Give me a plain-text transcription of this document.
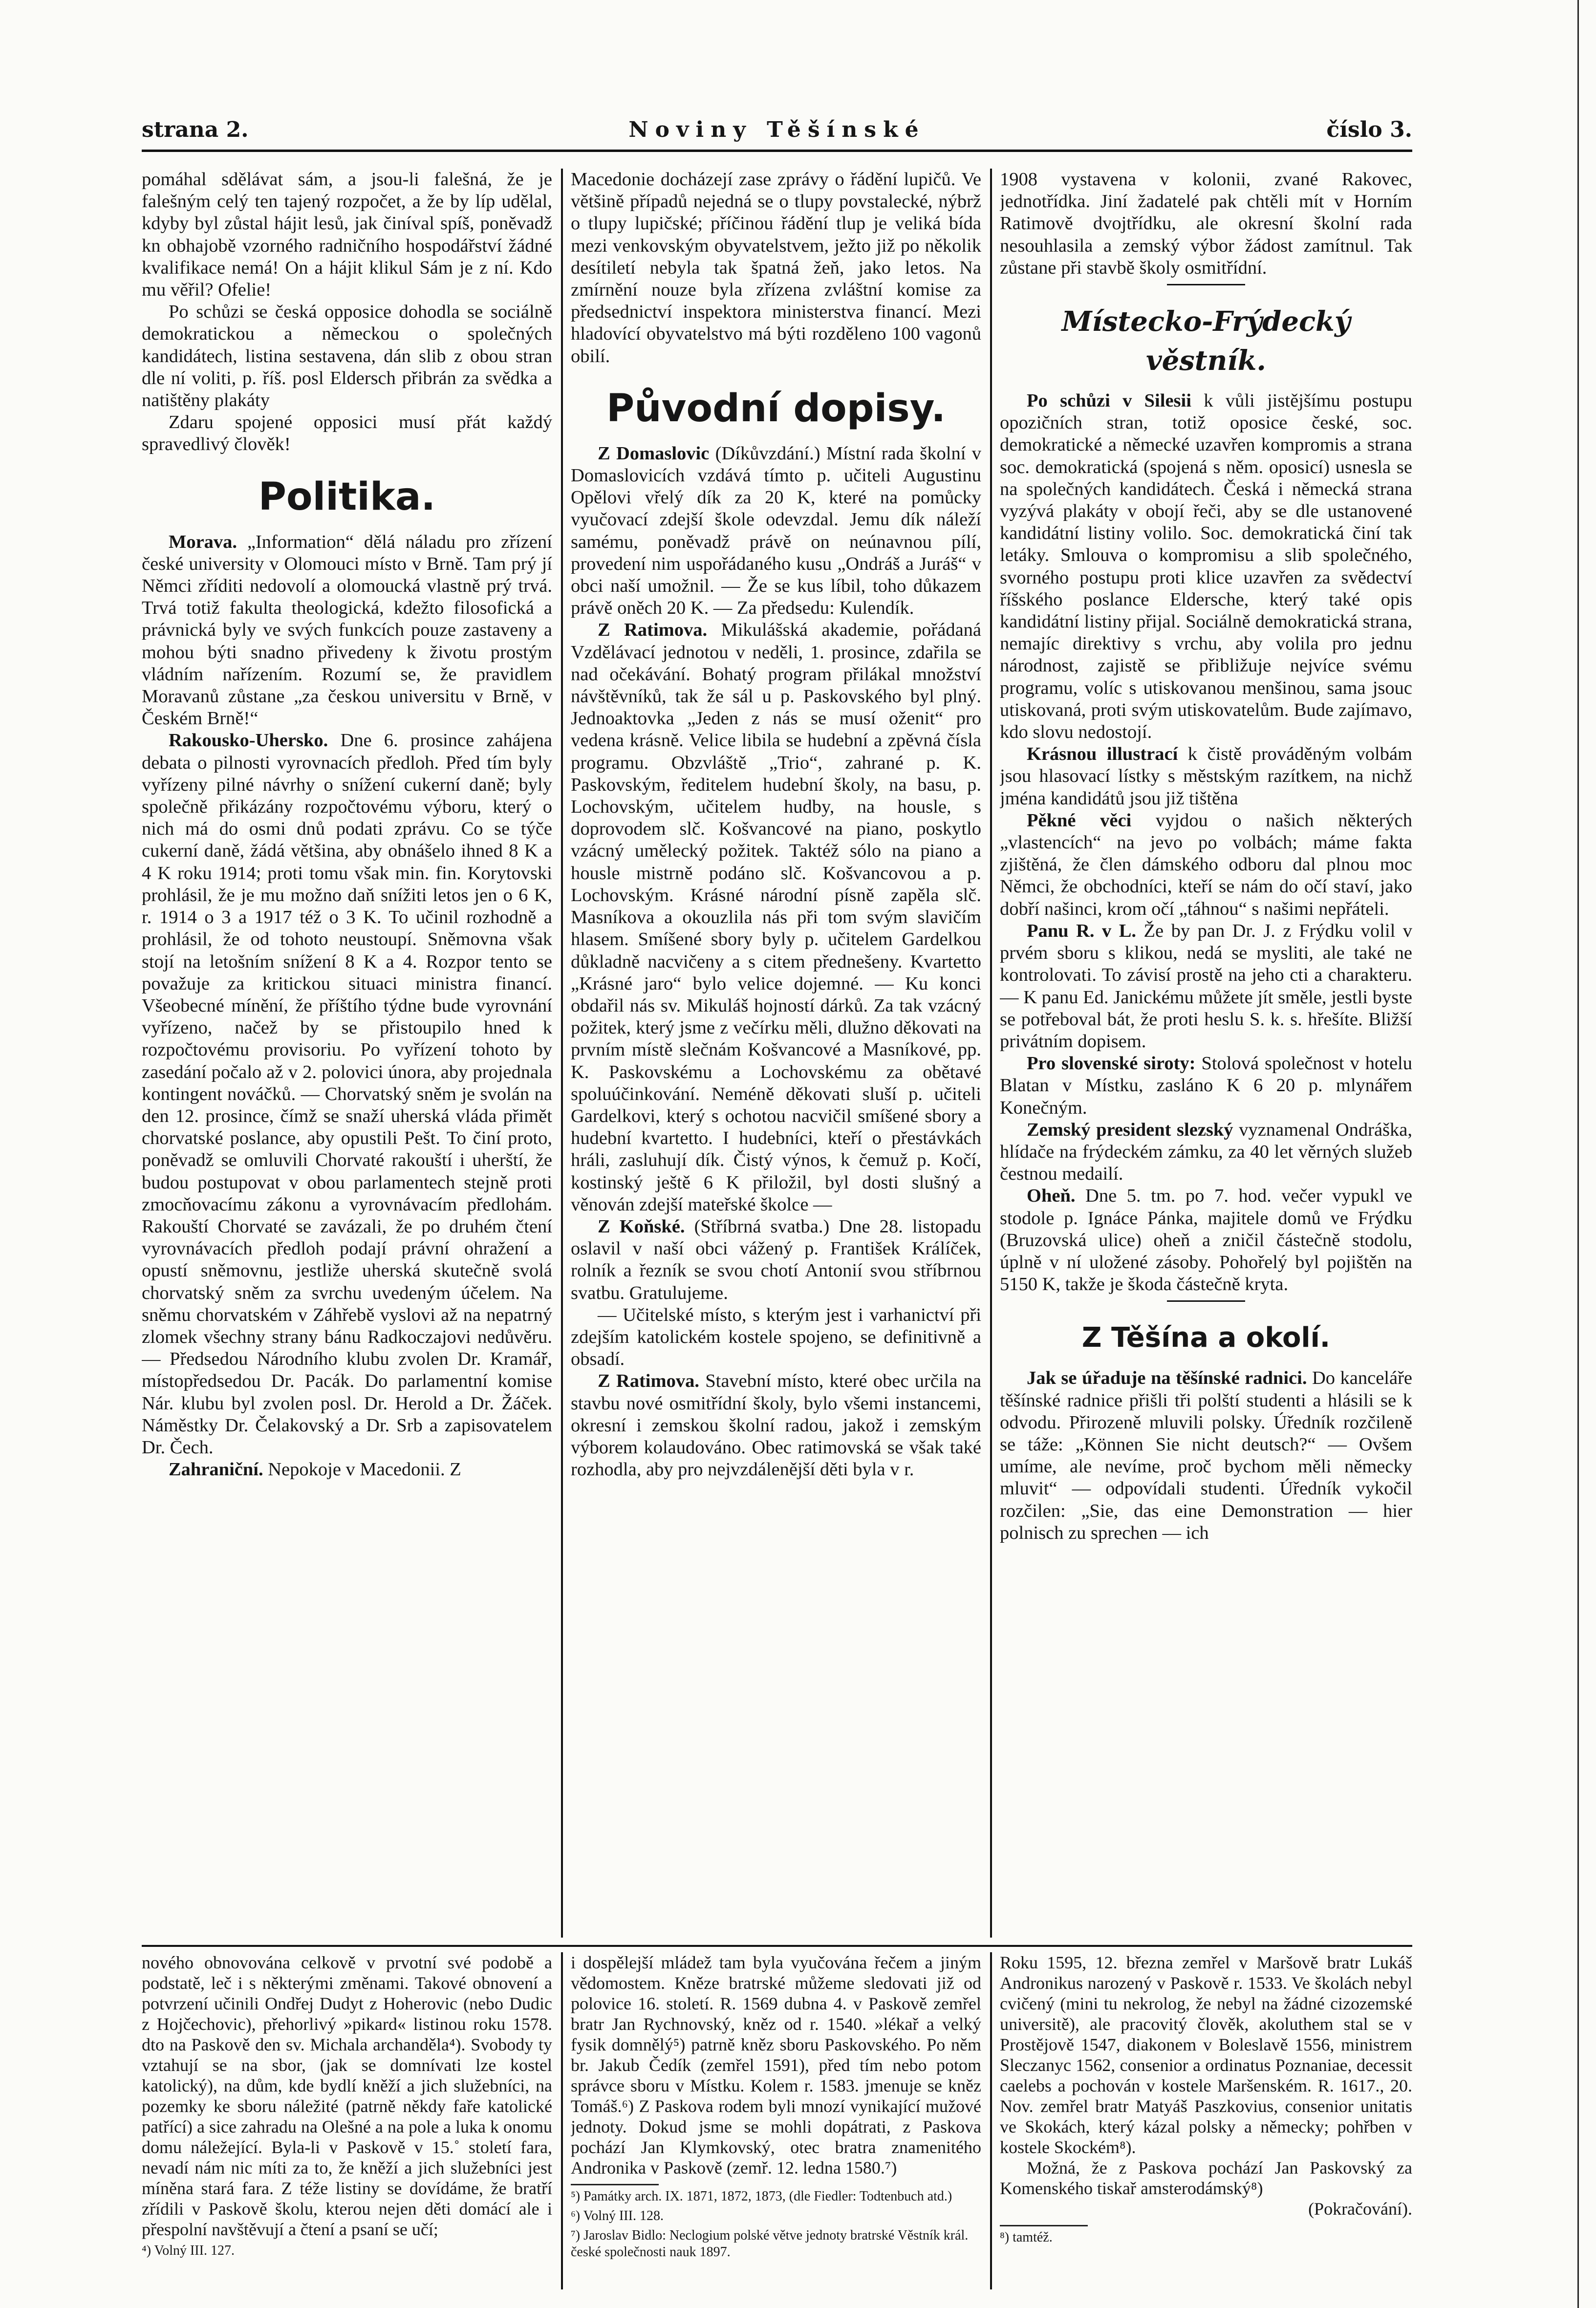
strana 2.	Noviny Těšínské	číslo 3.

pomáhal sdělávat sám, a jsou-li falešná, že je falešným celý ten tajený rozpočet, a že by líp udělal, kdyby byl zůstal hájit lesů, jak činíval spíš, poněvadž kn obhajobě vzorného radničního hospodářství žádné kvalifikace nemá! On a hájit klikul Sám je z ní. Kdo mu věřil? Ofelie!

Po schůzi se česká opposice dohodla se sociálně demokratickou a německou o společných kandidátech, listina sestavena, dán slib z obou stran dle ní voliti, p. říš. posl Eldersch přibrán za svědka a natištěny plakáty

Zdaru spojené opposici musí přát každý spravedlivý člověk!

Politika.

Morava. „Information“ dělá náladu pro zřízení české university v Olomouci místo v Brně. Tam prý jí Němci zříditi nedovolí a olomoucká vlastně prý trvá. Trvá totiž fakulta theologická, kdežto filosofická a právnická byly ve svých funkcích pouze zastaveny a mohou býti snadno přivedeny k životu prostým vládním nařízením. Rozumí se, že pravidlem Moravanů zůstane „za českou universitu v Brně, v Českém Brně!“

Rakousko-Uhersko. Dne 6. prosince zahájena debata o pilnosti vyrovnacích předloh. Před tím byly vyřízeny pilné návrhy o snížení cukerní daně; byly společně přikázány rozpočtovému výboru, který o nich má do osmi dnů podati zprávu. Co se týče cukerní daně, žádá většina, aby obnášelo ihned 8 K a 4 K roku 1914; proti tomu však min. fin. Korytovski prohlásil, že je mu možno daň snížiti letos jen o 6 K, r. 1914 o 3 a 1917 též o 3 K. To učinil rozhodně a prohlásil, že od tohoto neustoupí. Sněmovna však stojí na letošním snížení 8 K a 4. Rozpor tento se považuje za kritickou situaci ministra financí. Všeobecné mínění, že příštího týdne bude vyrovnání vyřízeno, načež by se přistoupilo hned k rozpočtovému provisoriu. Po vyřízení tohoto by zasedání počalo až v 2. polovici února, aby projednala kontingent nováčků. — Chorvatský sněm je svolán na den 12. prosince, čímž se snaží uherská vláda přimět chorvatské poslance, aby opustili Pešt. To činí proto, poněvadž se omluvili Chorvaté rakouští i uherští, že budou postupovat v obou parlamentech stejně proti zmocňovacímu zákonu a vyrovnávacím předlohám. Rakouští Chorvaté se zavázali, že po druhém čtení vyrovnávacích předloh podají právní ohražení a opustí sněmovnu, jestliže uherská skutečně svolá chorvatský sněm za svrchu uvedeným účelem. Na sněmu chorvatském v Záhřebě vyslovi až na nepatrný zlomek všechny strany bánu Radkoczajovi nedůvěru. — Předsedou Národního klubu zvolen Dr. Kramář, místopředsedou Dr. Pacák. Do parlamentní komise Nár. klubu byl zvolen posl. Dr. Herold a Dr. Žáček. Náměstky Dr. Čelakovský a Dr. Srb a zapisovatelem Dr. Čech.

Zahraniční. Nepokoje v Macedonii. Z

Macedonie docházejí zase zprávy o řádění lupičů. Ve většině případů nejedná se o tlupy povstalecké, nýbrž o tlupy lupičské; příčinou řádění tlup je veliká bída mezi venkovským obyvatelstvem, ježto již po několik desítiletí nebyla tak špatná žeň, jako letos. Na zmírnění nouze byla zřízena zvláštní komise za předsednictví inspektora ministerstva financí. Mezi hladovící obyvatelstvo má býti rozděleno 100 vagonů obilí.

Původní dopisy.

Z Domaslovic (Díkůvzdání.) Místní rada školní v Domaslovicích vzdává tímto p. učiteli Augustinu Opělovi vřelý dík za 20 K, které na pomůcky vyučovací zdejší škole odevzdal. Jemu dík náleží samému, poněvadž právě on neúnavnou pílí, provedení nim uspořádaného kusu „Ondráš a Juráš“ v obci naší umožnil. — Že se kus líbil, toho důkazem právě oněch 20 K. — Za předsedu: Kulendík.

Z Ratimova. Mikulášská akademie, pořádaná Vzdělávací jednotou v neděli, 1. prosince, zdařila se nad očekávání. Bohatý program přilákal množství návštěvníků, tak že sál u p. Paskovského byl plný. Jednoaktovka „Jeden z nás se musí oženit“ pro vedena krásně. Velice libila se hudební a zpěvná čísla programu. Obzvláště „Trio“, zahrané p. K. Paskovským, ředitelem hudební školy, na basu, p. Lochovským, učitelem hudby, na housle, s doprovodem slč. Košvancové na piano, poskytlo vzácný umělecký požitek. Taktéž sólo na piano a housle mistrně podáno slč. Košvancovou a p. Lochovským. Krásné národní písně zapěla slč. Masníkova a okouzlila nás při tom svým slavičím hlasem. Smíšené sbory byly p. učitelem Gardelkou důkladně nacvičeny a s citem přednešeny. Kvartetto „Krásné jaro“ bylo velice dojemné. — Ku konci obdařil nás sv. Mikuláš hojností dárků. Za tak vzácný požitek, který jsme z večírku měli, dlužno děkovati na prvním místě slečnám Košvancové a Masníkové, pp. K. Paskovskému a Lochovskému za obětavé spoluúčinkování. Neméně děkovati sluší p. učiteli Gardelkovi, který s ochotou nacvičil smíšené sbory a hudební kvartetto. I hudebníci, kteří o přestávkách hráli, zasluhují dík. Čistý výnos, k čemuž p. Kočí, kostinský ještě 6 K přiložil, byl dosti slušný a věnován zdejší mateřské školce —

Z Koňské. (Stříbrná svatba.) Dne 28. listopadu oslavil v naší obci vážený p. František Králíček, rolník a řezník se svou chotí Antonií svou stříbrnou svatbu. Gratulujeme.

— Učitelské místo, s kterým jest i varhanictví při zdejším katolickém kostele spojeno, se definitivně a obsadí.

Z Ratimova. Stavební místo, které obec určila na stavbu nové osmitřídní školy, bylo všemi instancemi, okresní i zemskou školní radou, jakož i zemským výborem kolaudováno. Obec ratimovská se však také rozhodla, aby pro nejvzdálenější děti byla v r.

1908 vystavena v kolonii, zvané Rakovec, jednotřídka. Jiní žadatelé pak chtěli mít v Horním Ratimově dvojtřídku, ale okresní školní rada nesouhlasila a zemský výbor žádost zamítnul. Tak zůstane při stavbě školy osmitřídní.

Místecko-Frýdecký věstník.

Po schůzi v Silesii k vůli jistějšímu postupu opozičních stran, totiž oposice české, soc. demokratické a německé uzavřen kompromis a strana soc. demokratická (spojená s něm. oposicí) usnesla se na společných kandidátech. Česká i německá strana vyzývá plakáty v obojí řeči, aby se dle ustanovené kandidátní listiny volilo. Soc. demokratická činí tak letáky. Smlouva o kompromisu a slib společného, svorného postupu proti klice uzavřen za svědectví říšského poslance Eldersche, který také opis kandidátní listiny přijal. Sociálně demokratická strana, nemajíc direktivy s vrchu, aby volila pro jednu národnost, zajistě se přibližuje nejvíce svému programu, volíc s utiskovanou menšinou, sama jsouc utiskovaná, proti svým utiskovatelům. Bude zajímavo, kdo slovu nedostojí.

Krásnou illustrací k čistě prováděným volbám jsou hlasovací lístky s městským razítkem, na nichž jména kandidátů jsou již tištěna

Pěkné věci vyjdou o našich některých „vlastencích“ na jevo po volbách; máme fakta zjištěná, že člen dámského odboru dal plnou moc Němci, že obchodníci, kteří se nám do očí staví, jako dobří našinci, krom očí „táhnou“ s našimi nepřáteli.

Panu R. v L. Že by pan Dr. J. z Frýdku volil v prvém sboru s klikou, nedá se mysliti, ale také ne kontrolovati. To závisí prostě na jeho cti a charakteru. — K panu Ed. Janickému můžete jít směle, jestli byste se potřeboval bát, že proti heslu S. k. s. hřešíte. Bližší privátním dopisem.

Pro slovenské siroty: Stolová společnost v hotelu Blatan v Místku, zasláno K 6 20 p. mlynářem Konečným.

Zemský president slezský vyznamenal Ondráška, hlídače na frýdeckém zámku, za 40 let věrných služeb čestnou medailí.

Oheň. Dne 5. tm. po 7. hod. večer vypukl ve stodole p. Ignáce Pánka, majitele domů ve Frýdku (Bruzovská ulice) oheň a zničil částečně stodolu, úplně v ní uložené zásoby. Pohořelý byl pojištěn na 5150 K, takže je škoda částečně kryta.

Z Těšína a okolí.

Jak se úřaduje na těšínské radnici. Do kanceláře těšínské radnice přišli tři polští studenti a hlásili se k odvodu. Přirozeně mluvili polsky. Úředník rozčileně se táže: „Können Sie nicht deutsch?“ — Ovšem umíme, ale nevíme, proč bychom měli německy mluvit“ — odpovídali studenti. Úředník vykočil rozčilen: „Sie, das eine Demonstration — hier polnisch zu sprechen — ich

nového obnovována celkově v prvotní své podobě a podstatě, leč i s některými změnami. Takové obnovení a potvrzení učinili Ondřej Dudyt z Hoherovic (nebo Dudic z Hojčechovic), přehorlivý »pikard« listinou roku 1578. dto na Paskově den sv. Michala archanděla⁴). Svobody ty vztahují se na sbor, (jak se domnívati lze kostel katolický), na dům, kde bydlí kněží a jich služebníci, na pozemky ke sboru náležité (patrně někdy faře katolické patřící) a sice zahradu na Olešné a na pole a luka k onomu domu náležející. Byla-li v Paskově v 15.˚ století fara, nevadí nám nic míti za to, že kněží a jich služebníci jest míněna stará fara. Z téže listiny se dovídáme, že bratří zřídili v Paskově školu, kterou nejen děti domácí ale i přespolní navštěvují a čtení a psaní se učí;

⁴) Volný III. 127.

i dospělejší mládež tam byla vyučována řečem a jiným vědomostem. Kněze bratrské můžeme sledovati již od polovice 16. století. R. 1569 dubna 4. v Paskově zemřel bratr Jan Rychnovský, kněz od r. 1540. »lékař a velký fysik domnělý⁵) patrně kněz sboru Paskovského. Po něm br. Jakub Čedík (zemřel 1591), před tím nebo potom správce sboru v Místku. Kolem r. 1583. jmenuje se kněz Tomáš.⁶) Z Paskova rodem byli mnozí vynikající mužové jednoty. Dokud jsme se mohli dopátrati, z Paskova pochází Jan Klymkovský, otec bratra znamenitého Andronika v Paskově (zemř. 12. ledna 1580.⁷)

⁵) Památky arch. IX. 1871, 1872, 1873, (dle Fiedler: Todtenbuch atd.)
⁶) Volný III. 128.
⁷) Jaroslav Bidlo: Neclogium polské větve jednoty bratrské Věstník král. české společnosti nauk 1897.

Roku 1595, 12. března zemřel v Maršově bratr Lukáš Andronikus narozený v Paskově r. 1533. Ve školách nebyl cvičený (mini tu nekrolog, že nebyl na žádné cizozemské universitě), ale pracovitý člověk, akoluthem stal se v Prostějově 1547, diakonem v Boleslavě 1556, ministrem Sleczanyc 1562, consenior a ordinatus Poznaniae, decessit caelebs a pochován v kostele Maršenském. R. 1617., 20. Nov. zemřel bratr Matyáš Paszkovius, consenior unitatis ve Skokách, který kázal polsky a německy; pohřben v kostele Skockém⁸).

Možná, že z Paskova pochází Jan Paskovský za Komenského tiskař amsterodámský⁸)

(Pokračování).

⁸) tamtéž.
